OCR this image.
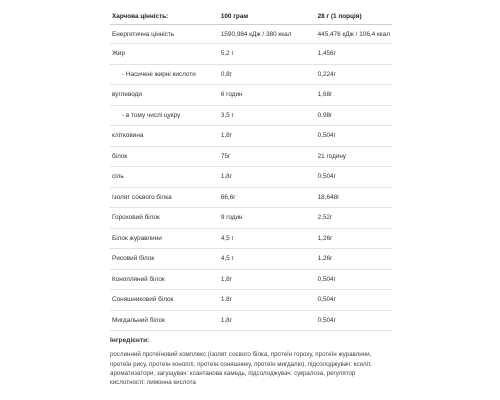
Харчова цінність:	100 грам	28 г (1 порція)
Енергетична цінність	1590,984 кДж / 380 ккал	445,476 кДж / 106,4 ккал
Жир	5,2 г	1,456г
- Насичені жирні кислоти	0,8г	0,224г
вуглеводи	6 годин	1,68г
- в тому числі цукру	3,5 г	0,98г
клітковина	1,8г	0,504г
білок	75г	21 годину
сіль	1,8г	0,504г
Ізолят соєвого білка	66,6г	18,648г
Гороховий білок	9 годин	2,52г
Білок журавлини	4,5 г	1,26г
Рисовий білок	4,5 г	1,26г
Конопляний білок	1,8г	0,504г
Соняшниковий білок	1,8г	0,504г
Мигдальний білок	1,8г	0,504г
Інгредієнти:
рослинний протеїновий комплекс (ізолят соєвого білка, протеїн гороху, протеїн журавлини, протеїн рису, протеїн коноплі, протеїн соняшнику, протеїн мигдалю), підсолоджувач: ксиліт, ароматизатори, загущувач: ксантанова камедь, підсолоджувач: сукралоза, регулятор кислотності: лимонна кислота
